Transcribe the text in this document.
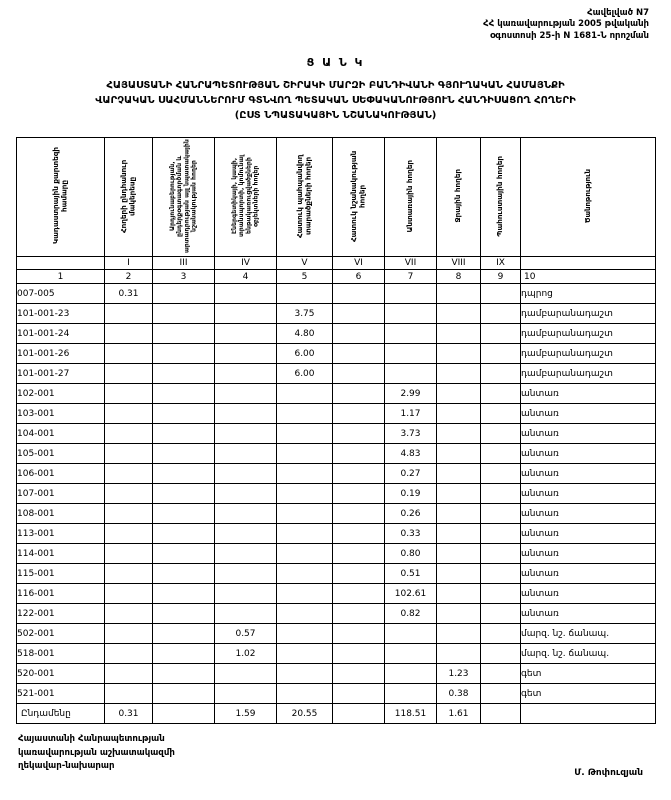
Հավելված N7
ՀՀ կառավարության 2005 թվականի
օգոստոսի 25-ի N 1681-Ն որոշման
Ց Ա Ն Կ
ՀԱՅԱՍՏԱՆԻ ՀԱՆՐԱՊԵՏՈՒԹՅԱՆ ՇԻՐԱԿԻ ՄԱՐԶԻ ԲԱՆԴԻՎԱՆԻ ԳՅՈՒՂԱԿԱՆ ՀԱՄԱՅՆՔԻ
ՎԱՐՉԱԿԱՆ ՍԱՀՄԱՆՆԵՐՈՒՄ ԳՏՆՎՈՂ ՊԵՏԱԿԱՆ ՍԵՓԱԿԱՆՈՒԹՅՈՒՆ ՀԱՆԴԻՍԱՑՈՂ ՀՈՂԵՐԻ
(ԸՍՏ ՆՊԱՏԱԿԱՅԻՆ ՆՇԱՆԱԿՈՒԹՅԱՆ)
Կադաստրային քարտեզի համարը	Հողերի ընդհանուր մակերեսը	Արդյունաբերության, ընդերքօգտագործման և արտադրության այլ նպատակային նշանակության հողեր	Էներգետիկայի, կապի, տրանսպորտի, կոմունալ ենթակառուցվածքների օբյեկտների հողեր	Հատուկ պահպանվող տարածքների հողեր	Հատուկ նշանակության հողեր	Անտառային հողեր	Ջրային հողեր	Պահուստային հողեր	Ծանոթություն
	I	III	IV	V	VI	VII	VIII	IX	
1	2	3	4	5	6	7	8	9	10
007-005	0.31								դպրոց
101-001-23				3.75					դամբարանադաշտ
101-001-24				4.80					դամբարանադաշտ
101-001-26				6.00					դամբարանադաշտ
101-001-27				6.00					դամբարանադաշտ
102-001						2.99			անտառ
103-001						1.17			անտառ
104-001						3.73			անտառ
105-001						4.83			անտառ
106-001						0.27			անտառ
107-001						0.19			անտառ
108-001						0.26			անտառ
113-001						0.33			անտառ
114-001						0.80			անտառ
115-001						0.51			անտառ
116-001						102.61			անտառ
122-001						0.82			անտառ
502-001			0.57						մարզ. նշ. ճանապ.
518-001			1.02						մարզ. նշ. ճանապ.
520-001							1.23		գետ
521-001							0.38		գետ
Ընդամենը	0.31		1.59	20.55		118.51	1.61		
Հայաստանի Հանրապետության
կառավարության աշխատակազմի
ղեկավար-նախարար
Մ. Թոփուզյան
